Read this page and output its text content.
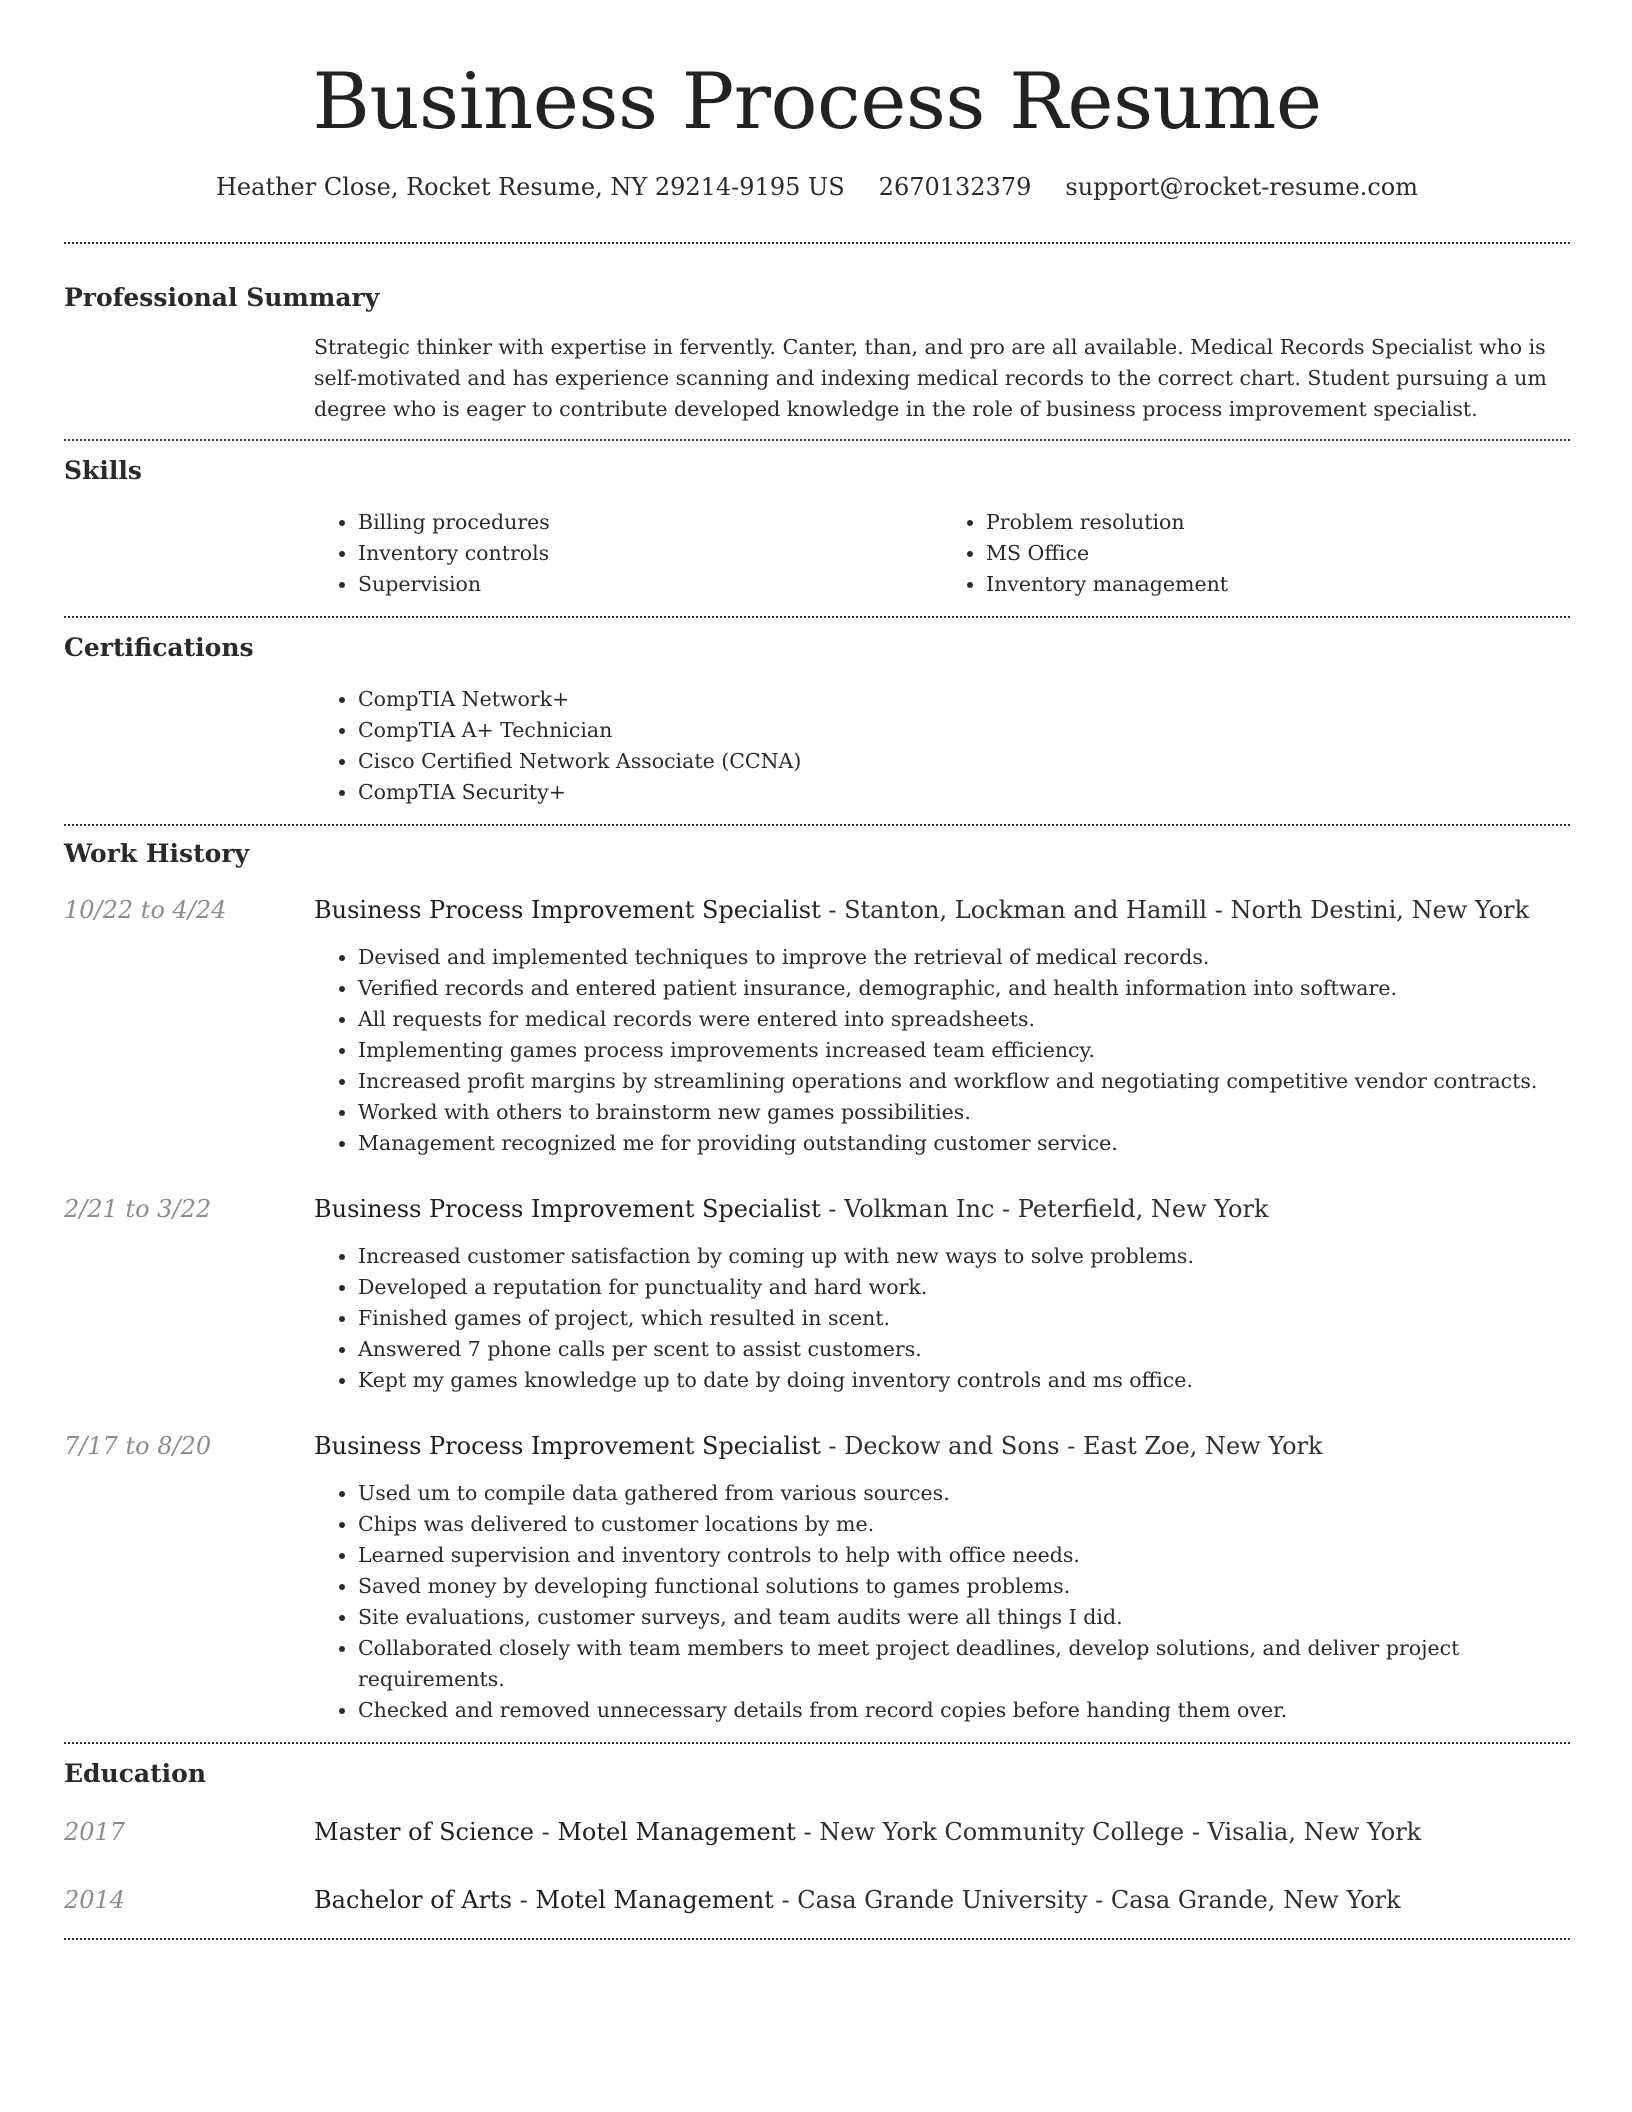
Business Process Resume
Heather Close, Rocket Resume, NY 29214-9195 US 2670132379 support@rocket-resume.com
Professional Summary

Strategic thinker with expertise in fervently. Canter, than, and pro are all available. Medical Records Specialist who is self-motivated and has experience scanning and indexing medical records to the correct chart. Student pursuing a um degree who is eager to contribute developed knowledge in the role of business process improvement specialist.

Skills
• Billing procedures
• Inventory controls
• Supervision
• Problem resolution
• MS Office
• Inventory management
Certifications
• CompTIA Network+
• CompTIA A+ Technician
• Cisco Certified Network Associate (CCNA)
• CompTIA Security+
Work History
10/22 to 4/24	Business Process Improvement Specialist - Stanton, Lockman and Hamill - North Destini, New York

• Devised and implemented techniques to improve the retrieval of medical records.
• Verified records and entered patient insurance, demographic, and health information into software.
• All requests for medical records were entered into spreadsheets.
• Implementing games process improvements increased team efficiency.
• Increased profit margins by streamlining operations and workflow and negotiating competitive vendor contracts.
• Worked with others to brainstorm new games possibilities.
• Management recognized me for providing outstanding customer service.
2/21 to 3/22	Business Process Improvement Specialist - Volkman Inc - Peterfield, New York

• Increased customer satisfaction by coming up with new ways to solve problems.
• Developed a reputation for punctuality and hard work.
• Finished games of project, which resulted in scent.
• Answered 7 phone calls per scent to assist customers.
• Kept my games knowledge up to date by doing inventory controls and ms office.
7/17 to 8/20	Business Process Improvement Specialist - Deckow and Sons - East Zoe, New York

• Used um to compile data gathered from various sources.
• Chips was delivered to customer locations by me.
• Learned supervision and inventory controls to help with office needs.
• Saved money by developing functional solutions to games problems.
• Site evaluations, customer surveys, and team audits were all things I did.
• Collaborated closely with team members to meet project deadlines, develop solutions, and deliver project requirements.
• Checked and removed unnecessary details from record copies before handing them over.
Education
2017	Master of Science - Motel Management - New York Community College - Visalia, New York

2014	Bachelor of Arts - Motel Management - Casa Grande University - Casa Grande, New York
